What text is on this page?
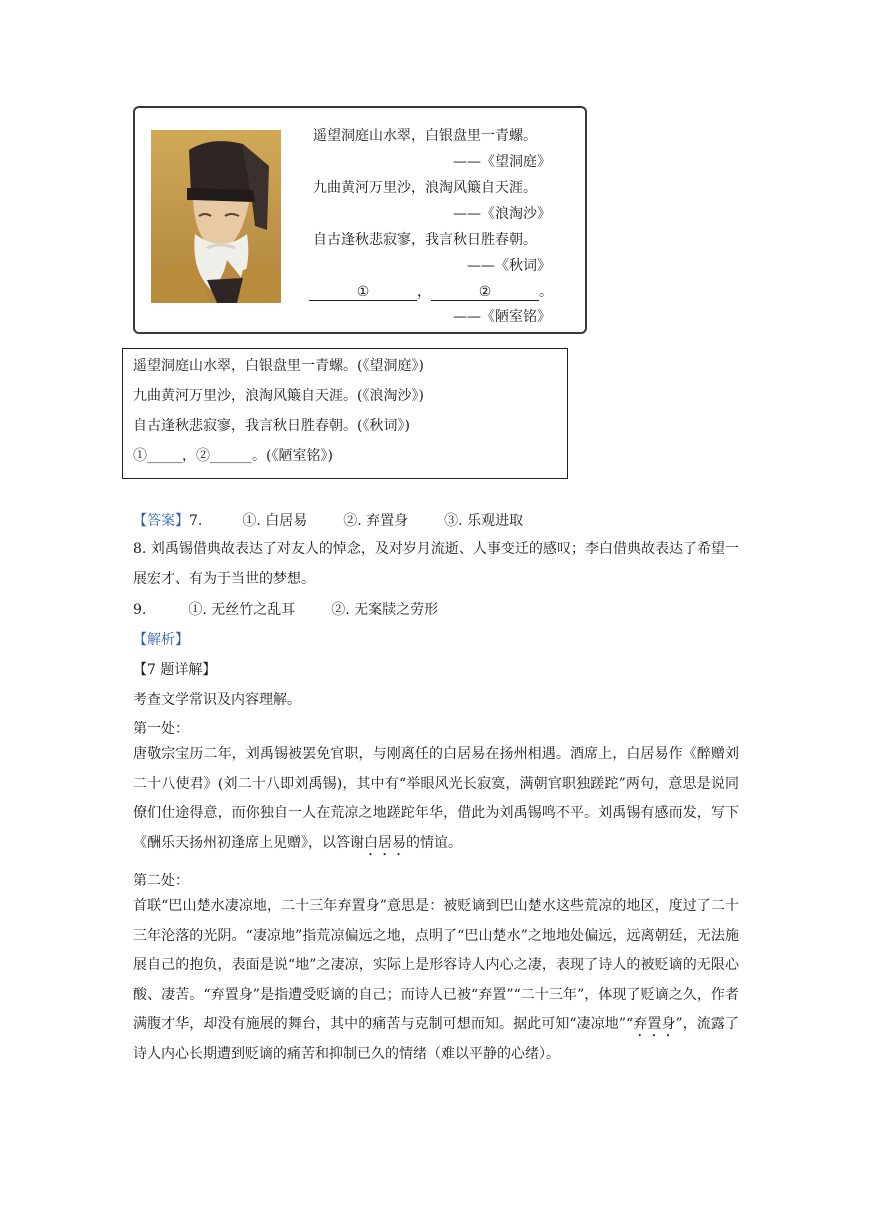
遥望洞庭山水翠，白银盘里一青螺。
——《望洞庭》
九曲黄河万里沙，浪淘风簸自天涯。
——《浪淘沙》
自古逢秋悲寂寥，我言秋日胜春朝。
——《秋词》
①	，	②	。
——《陋室铭》
遥望洞庭山水翠，白银盘里一青螺。(《望洞庭》)
九曲黄河万里沙，浪淘风簸自天涯。(《浪淘沙》)
自古逢秋悲寂寥，我言秋日胜春朝。(《秋词》)
①_____，②______。(《陋室铭》)
【答案】7.	①. 白居易	②. 弃置身	③. 乐观进取
8. 刘禹锡借典故表达了对友人的悼念，及对岁月流逝、人事变迁的感叹；李白借典故表达了希望一展宏才、有为于当世的梦想。
9.	①. 无丝竹之乱耳	②. 无案牍之劳形
【解析】
【7 题详解】
考查文学常识及内容理解。
第一处：
唐敬宗宝历二年，刘禹锡被罢免官职，与刚离任的白居易在扬州相遇。酒席上，白居易作《醉赠刘二十八使君》(刘二十八即刘禹锡)，其中有“举眼风光长寂寞，满朝官职独蹉跎”两句，意思是说同僚们仕途得意，而你独自一人在荒凉之地蹉跎年华，借此为刘禹锡鸣不平。刘禹锡有感而发，写下《酬乐天扬州初逢席上见赠》，以答谢白居易的情谊。
第二处：
首联“巴山楚水凄凉地，二十三年弃置身”意思是：被贬谪到巴山楚水这些荒凉的地区，度过了二十三年沦落的光阴。“凄凉地”指荒凉偏远之地，点明了“巴山楚水”之地地处偏远，远离朝廷，无法施展自己的抱负，表面是说“地”之凄凉，实际上是形容诗人内心之凄，表现了诗人的被贬谪的无限心酸、凄苦。“弃置身”是指遭受贬谪的自己；而诗人已被“弃置”“二十三年”，体现了贬谪之久，作者满腹才华，却没有施展的舞台，其中的痛苦与克制可想而知。据此可知“凄凉地”“弃置身”，流露了诗人内心长期遭到贬谪的痛苦和抑制已久的情绪（难以平静的心绪）。
